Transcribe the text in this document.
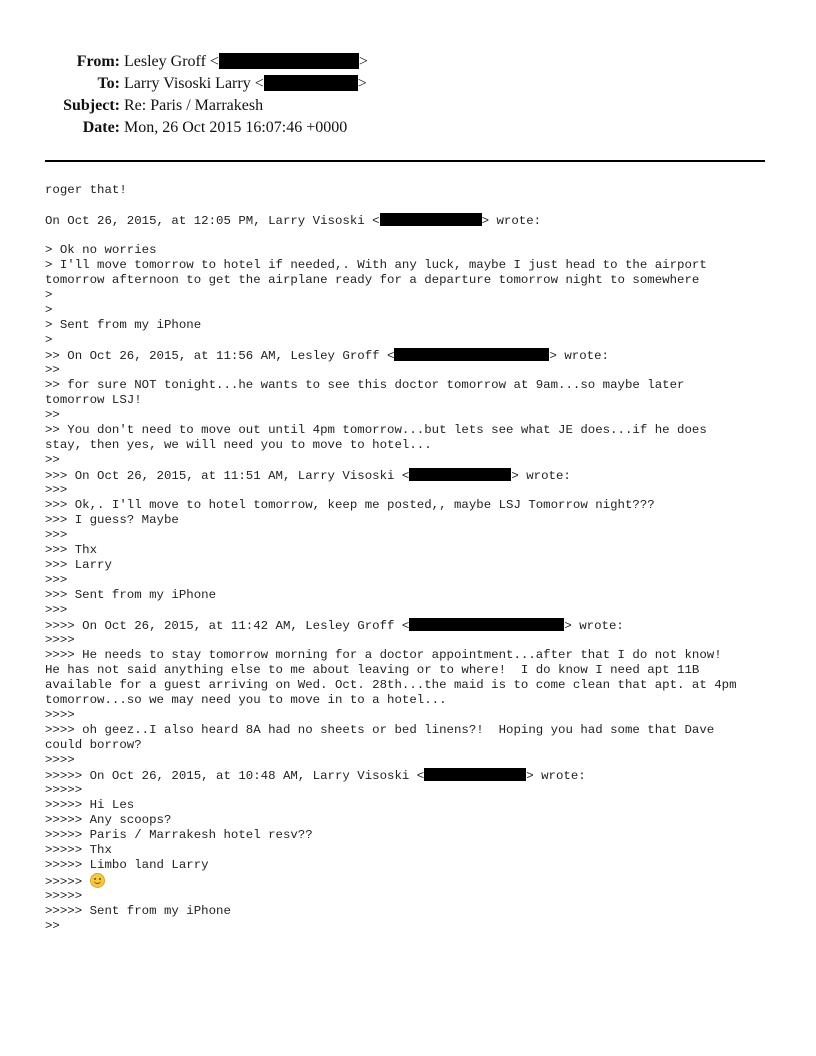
From: Lesley Groff <	>
To: Larry Visoski Larry <	>
Subject: Re: Paris / Marrakesh
Date: Mon, 26 Oct 2015 16:07:46 +0000
roger that!
On Oct 26, 2015, at 12:05 PM, Larry Visoski <	> wrote:
> Ok no worries
> I'll move tomorrow to hotel if needed,. With any luck, maybe I just head to the airport
tomorrow afternoon to get the airplane ready for a departure tomorrow night to somewhere
>
>
> Sent from my iPhone
>
>> On Oct 26, 2015, at 11:56 AM, Lesley Groff <	> wrote:
>>
>> for sure NOT tonight...he wants to see this doctor tomorrow at 9am...so maybe later
tomorrow LSJ!
>>
>> You don't need to move out until 4pm tomorrow...but lets see what JE does...if he does
stay, then yes, we will need you to move to hotel...
>>
>>> On Oct 26, 2015, at 11:51 AM, Larry Visoski <	> wrote:
>>>
>>> Ok,. I'll move to hotel tomorrow, keep me posted,, maybe LSJ Tomorrow night???
>>> I guess? Maybe
>>>
>>> Thx
>>> Larry
>>>
>>> Sent from my iPhone
>>>
>>>> On Oct 26, 2015, at 11:42 AM, Lesley Groff <	> wrote:
>>>>
>>>> He needs to stay tomorrow morning for a doctor appointment...after that I do not know!
He has not said anything else to me about leaving or to where!  I do know I need apt 11B
available for a guest arriving on Wed. Oct. 28th...the maid is to come clean that apt. at 4pm
tomorrow...so we may need you to move in to a hotel...
>>>>
>>>> oh geez..I also heard 8A had no sheets or bed linens?!  Hoping you had some that Dave
could borrow?
>>>>
>>>>> On Oct 26, 2015, at 10:48 AM, Larry Visoski <	> wrote:
>>>>>
>>>>> Hi Les
>>>>> Any scoops?
>>>>> Paris / Marrakesh hotel resv??
>>>>> Thx
>>>>> Limbo land Larry
>>>>>
>>>>>
>>>>> Sent from my iPhone
>>
